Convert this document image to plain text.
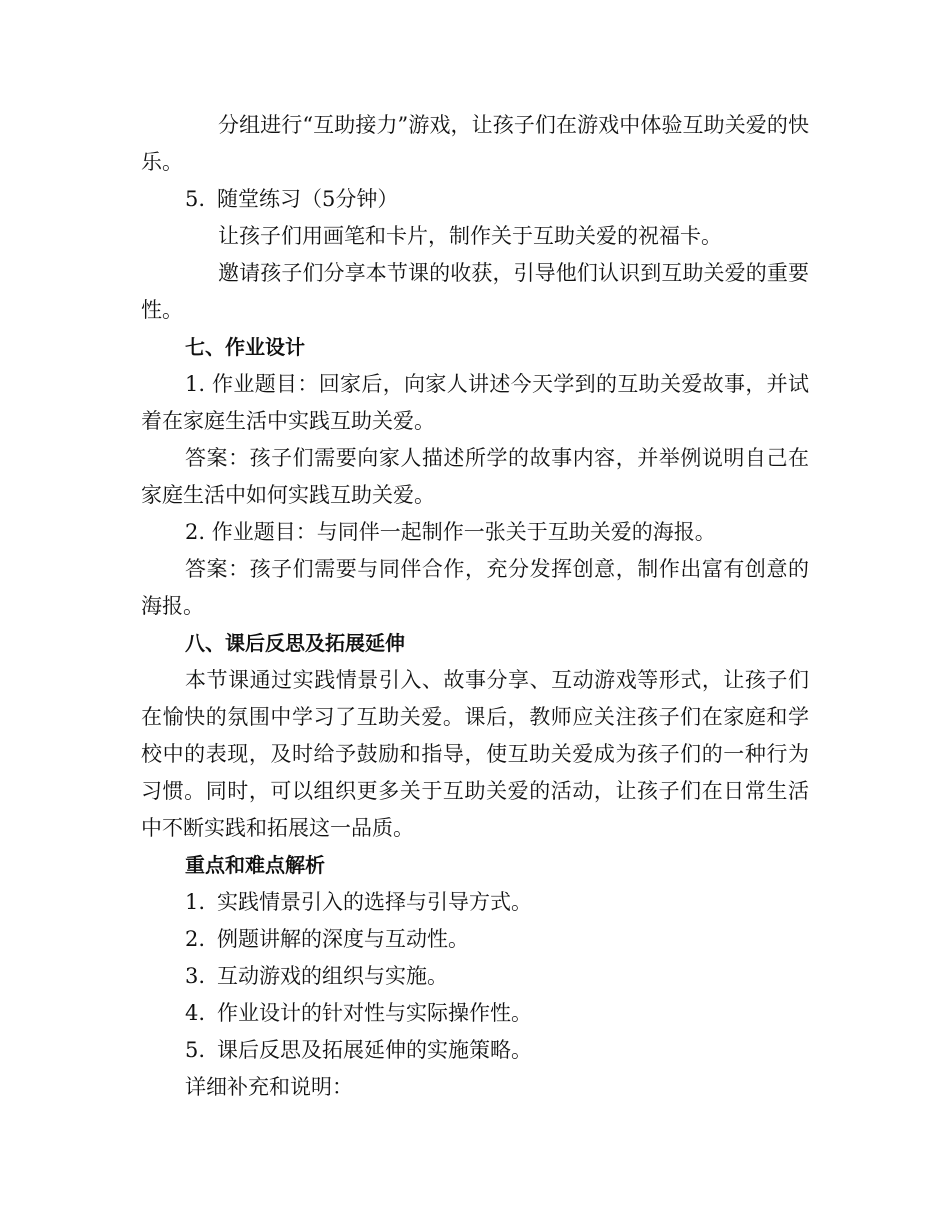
分组进行“互助接力”游戏，让孩子们在游戏中体验互助关爱的快乐。

5. 随堂练习（5分钟）

让孩子们用画笔和卡片，制作关于互助关爱的祝福卡。

邀请孩子们分享本节课的收获，引导他们认识到互助关爱的重要性。

七、作业设计

1. 作业题目：回家后，向家人讲述今天学到的互助关爱故事，并试着在家庭生活中实践互助关爱。

答案：孩子们需要向家人描述所学的故事内容，并举例说明自己在家庭生活中如何实践互助关爱。

2. 作业题目：与同伴一起制作一张关于互助关爱的海报。

答案：孩子们需要与同伴合作，充分发挥创意，制作出富有创意的海报。

八、课后反思及拓展延伸

本节课通过实践情景引入、故事分享、互动游戏等形式，让孩子们在愉快的氛围中学习了互助关爱。课后，教师应关注孩子们在家庭和学校中的表现，及时给予鼓励和指导，使互助关爱成为孩子们的一种行为习惯。同时，可以组织更多关于互助关爱的活动，让孩子们在日常生活中不断实践和拓展这一品质。

重点和难点解析

1. 实践情景引入的选择与引导方式。

2. 例题讲解的深度与互动性。

3. 互动游戏的组织与实施。

4. 作业设计的针对性与实际操作性。

5. 课后反思及拓展延伸的实施策略。

详细补充和说明：
